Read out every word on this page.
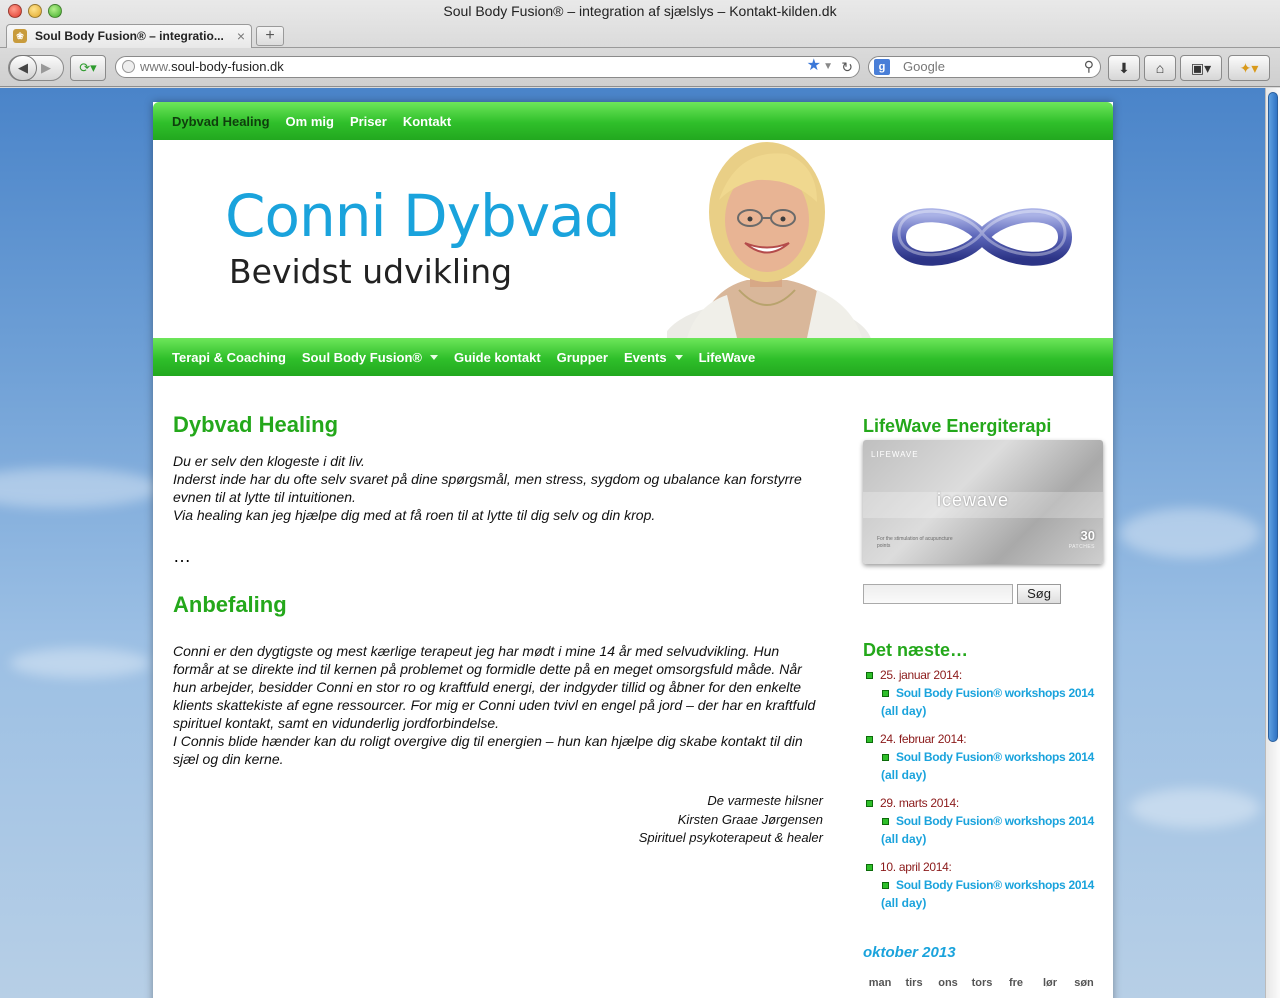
Soul Body Fusion® – integration af sjælslys – Kontakt-kilden.dk
❀ Soul Body Fusion® – integratio... ×	+
◀	▶	⟳▾	www.soul-body-fusion.dk	★ ▼ ↻	g	Google	⚲	⬇	⌂	▣▾	✦▾
Dybvad Healing Om mig Priser Kontakt
Conni Dybvad
Bevidst udvikling
Terapi & Coaching Soul Body Fusion® Guide kontakt Grupper Events LifeWave
Dybvad Healing

Du er selv den klogeste i dit liv.
Inderst inde har du ofte selv svaret på dine spørgsmål, men stress, sygdom og ubalance kan forstyrre evnen til at lytte til intuitionen.
Via healing kan jeg hjælpe dig med at få roen til at lytte til dig selv og din krop.

…
Anbefaling

Conni er den dygtigste og mest kærlige terapeut jeg har mødt i mine 14 år med selvudvikling. Hun formår at se direkte ind til kernen på problemet og formidle dette på en meget omsorgsfuld måde. Når hun arbejder, besidder Conni en stor ro og kraftfuld energi, der indgyder tillid og åbner for den enkelte klients skattekiste af egne ressourcer. For mig er Conni uden tvivl en engel på jord – der har en kraftfuld spirituel kontakt, samt en vidunderlig jordforbindelse.
I Connis blide hænder kan du roligt overgive dig til energien – hun kan hjælpe dig skabe kontakt til din sjæl og din kerne.

De varmeste hilsner
Kirsten Graae Jørgensen
Spirituel psykoterapeut & healer

LifeWave Energiterapi
LIFEWAVE
icewave
30
PATCHES
For the stimulation of acupuncture points
Søg
Det næste…
25. januar 2014:
Soul Body Fusion® workshops 2014
(all day)
24. februar 2014:
Soul Body Fusion® workshops 2014
(all day)
29. marts 2014:
Soul Body Fusion® workshops 2014
(all day)
10. april 2014:
Soul Body Fusion® workshops 2014
(all day)
oktober 2013
man	tirs	ons	tors	fre	lør	søn
